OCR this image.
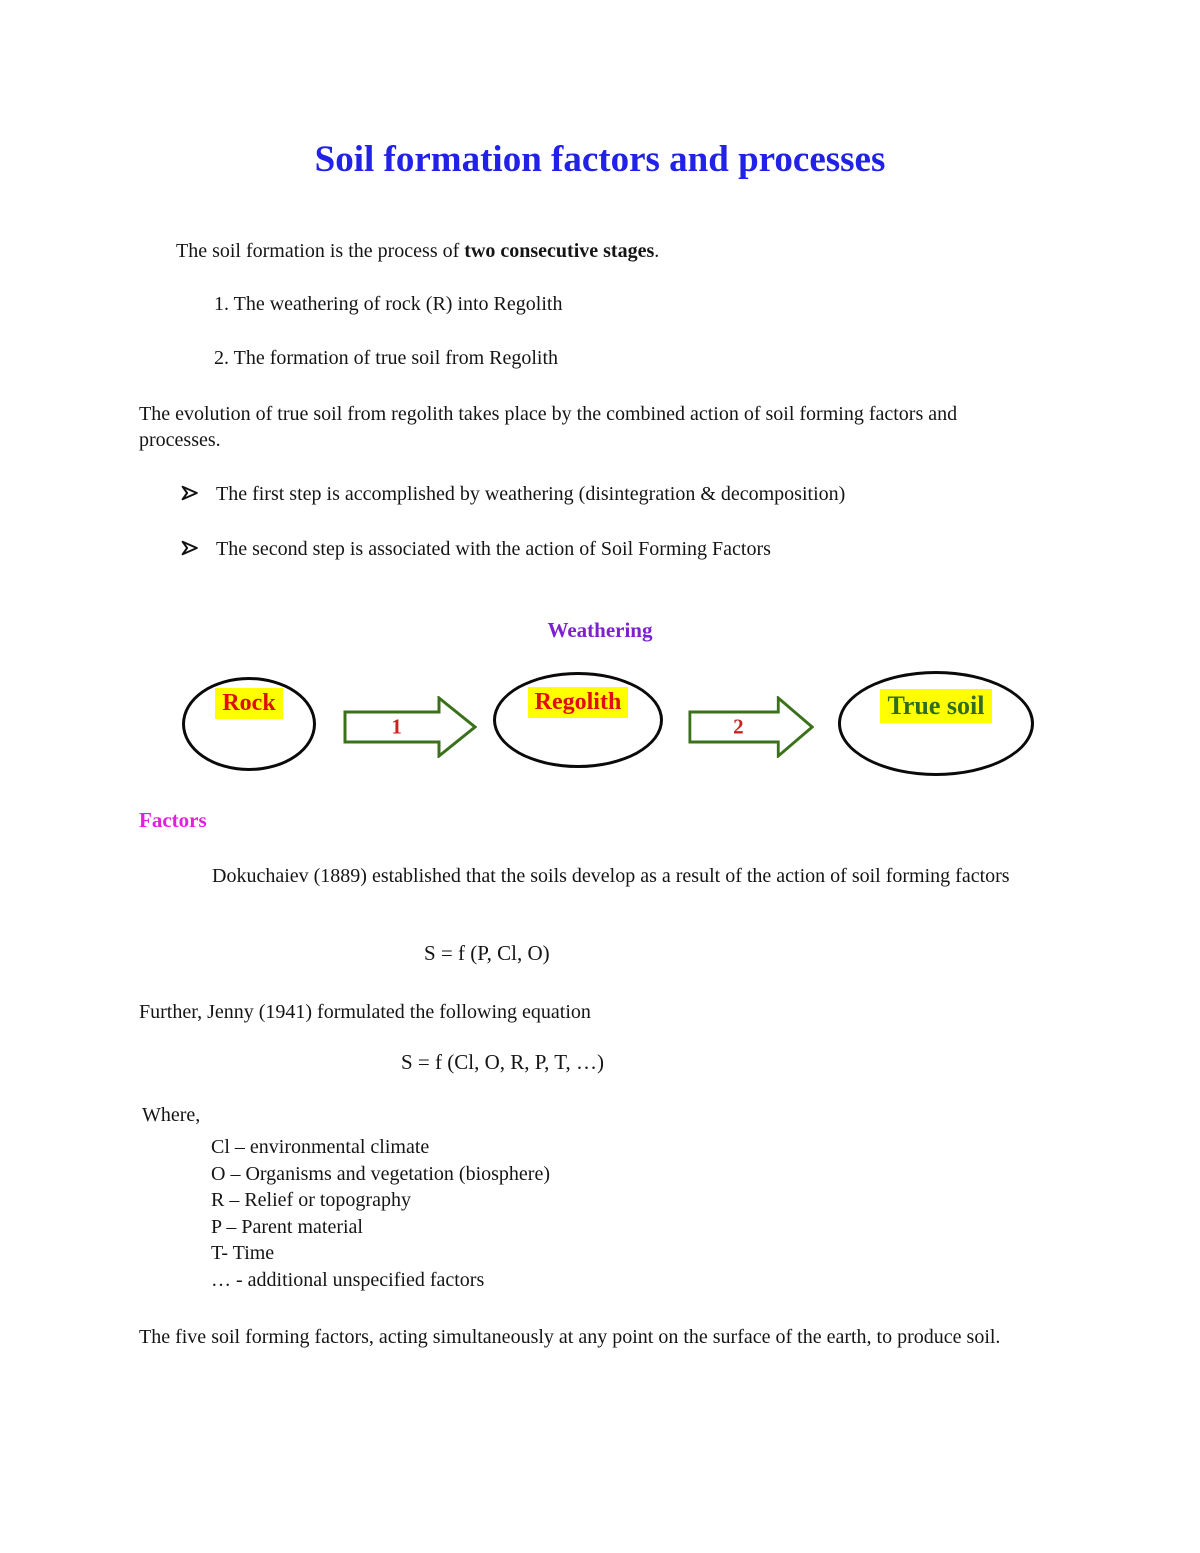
Soil formation factors and processes

The soil formation is the process of two consecutive stages.

1. The weathering of rock (R) into Regolith
2. The formation of true soil from Regolith

The evolution of true soil from regolith takes place by the combined action of soil forming factors and processes.

The first step is accomplished by weathering (disintegration & decomposition)
The second step is associated with the action of Soil Forming Factors
Weathering
Rock
1
Regolith
2
True soil
Factors

Dokuchaiev (1889) established that the soils develop as a result of the action of soil forming factors

S = f (P, Cl, O)

Further, Jenny (1941) formulated the following equation

S = f (Cl, O, R, P, T, …)
Where,
Cl – environmental climate
O – Organisms and vegetation (biosphere)
R – Relief or topography
P – Parent material
T- Time
… - additional unspecified factors

The five soil forming factors, acting simultaneously at any point on the surface of the earth, to produce soil.
